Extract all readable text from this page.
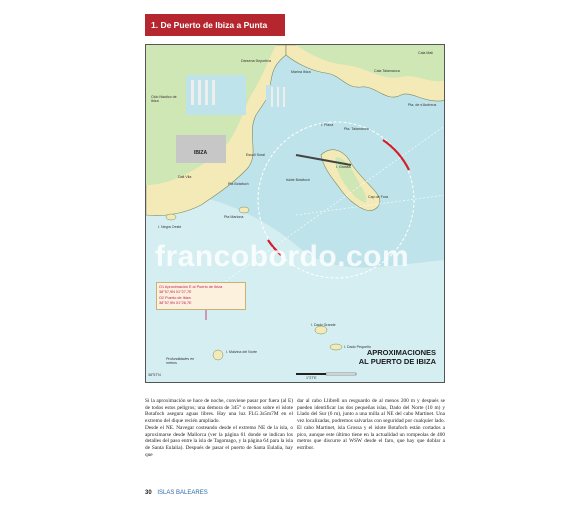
1. De Puerto de Ibiza a Punta
Dársena Deportiva
Marina Ibiza
Club Náutico de Ibiza
IBIZA	Escull Soral
Pta Botafoch
Pta Marlona
Islote Botafoch
Dalt Vila
I. Negra Oeste
Cala Talamanca
Pta. Talamanca
I. Plana
I. Grossa
Cap de Fora
Cala Malí
Pta. de s'Andreus
I. Dado Grande
I. Dado Pequeño
I. Malvina del Norte
Profundidades en metros
1°27'E
38°57'N
O1 Aproximación E al Puerto de Ibiza
38°57,9N 01°27,7E
O2 Puerto de Ibiza
38°57,9N 01°26,7E
APROXIMACIONES
AL PUERTO DE IBIZA
francobordo.com

Si la aproximación se hace de noche, conviene pasar por fuera (al E) de todos estos peligros; una demora de 345° o menos sobre el islote Botafoch asegura aguas libres. Hay una luz FLG.3s5m7M en el extremo del dique recién ampliado.

Desde el NE. Navegar costeando desde el extremo NE de la isla, o aproximarse desde Mallorca (ver la página 61 donde se indican los detalles del paso entre la isla de Tagomago, y la página 64 para la isla de Santa Eulalia). Después de pasar el puerto de Santa Eulalia, hay que

dar al cabo Llibrell un resguardo de al menos 200 m y después se pueden identificar las dos pequeñas islas, Dado del Norte (10 m) y Llado del Sur (6 m), junto a una milla al NE del cabo Martinet. Una vez localizadas, podremos salvarlas con seguridad por cualquier lado. El cabo Martinet, isla Grossa y el islote Botafoch están cortados a pico, aunque este último tiene en la actualidad un rompeolas de 400 metros que discurre al WSW desde el faro, que hay que doblar a estribor.

30 ISLAS BALEARES
